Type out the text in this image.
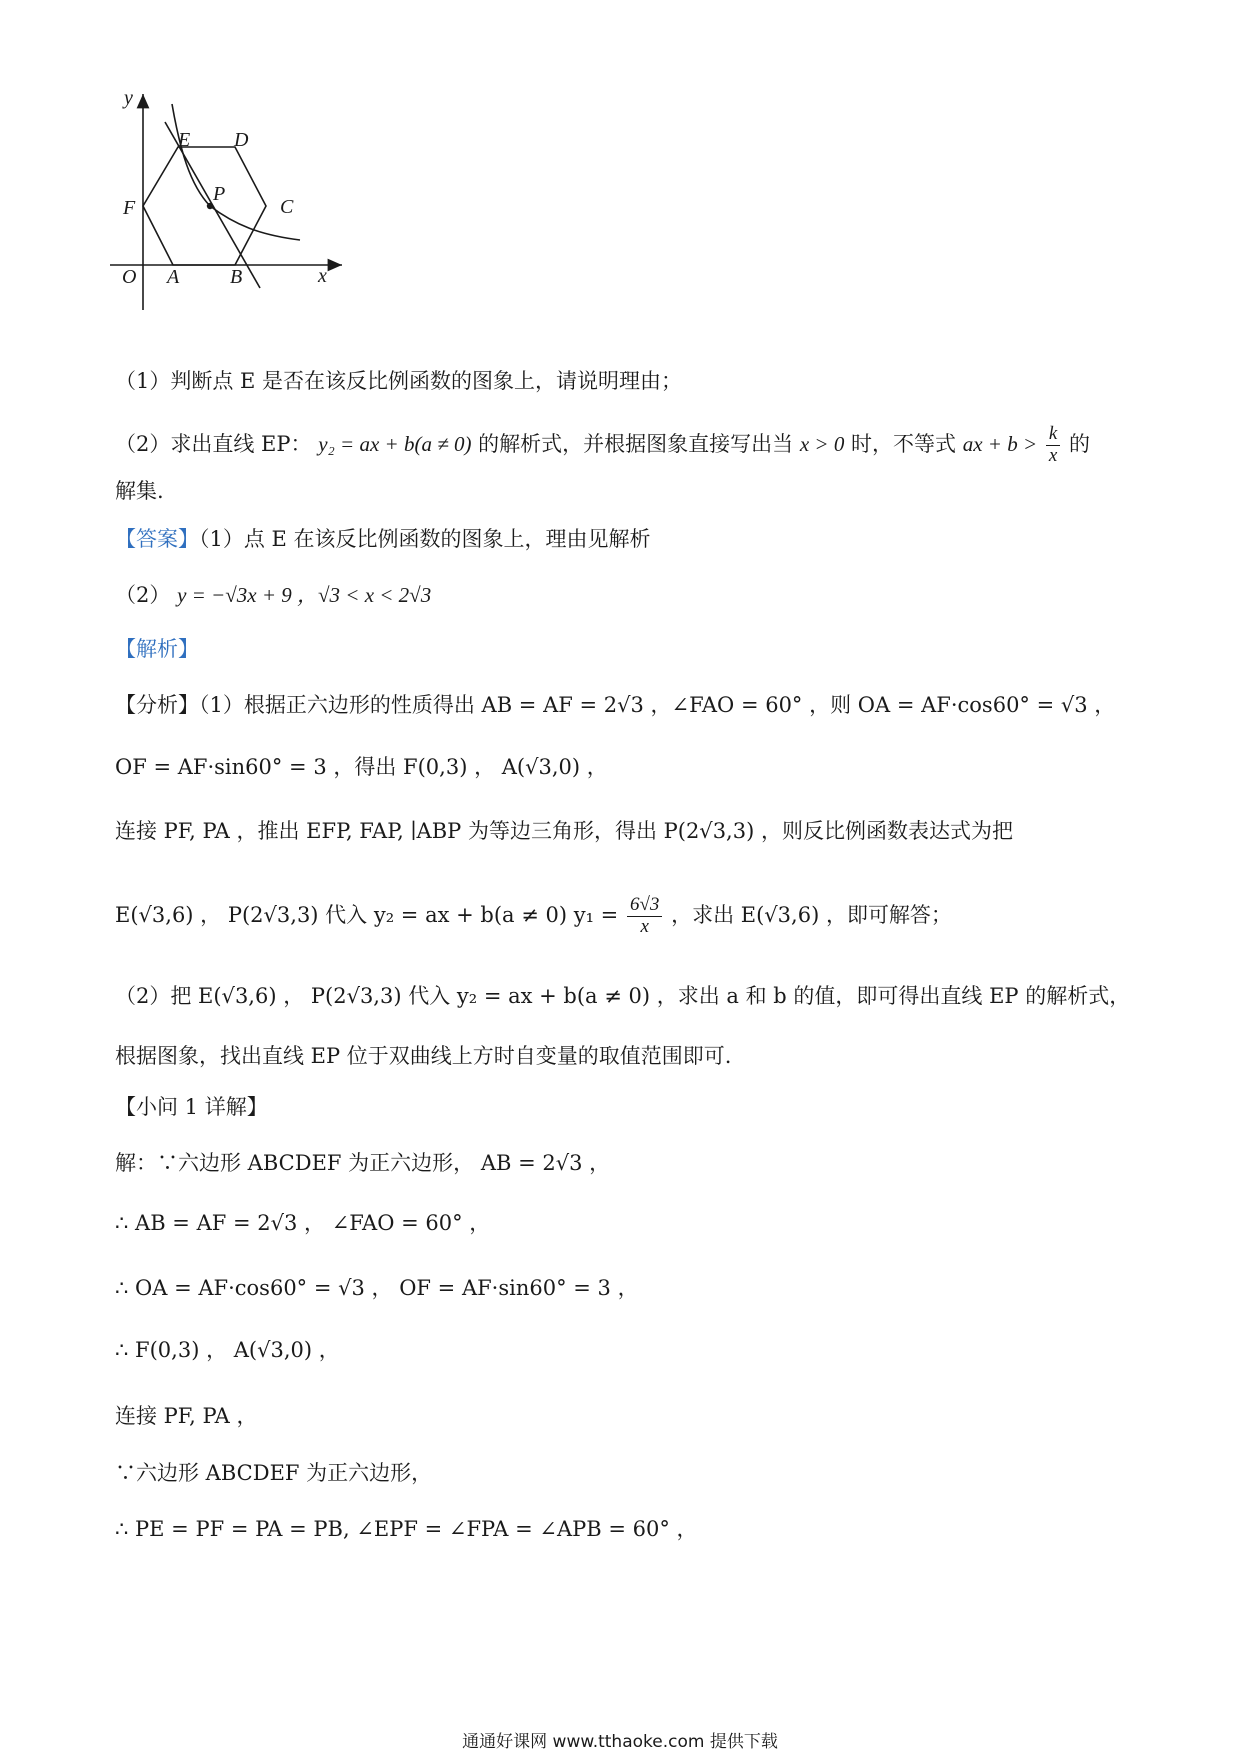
y
x
O A	B
C
D
E
F
P
（1）判断点 E 是否在该反比例函数的图象上，请说明理由；
（2）求出直线 EP： y₂ = ax + b(a ≠ 0) 的解析式，并根据图象直接写出当 x > 0 时，不等式 ax + $b > \frac{k}{x}$ 的
解集.
【答案】（1）点 E 在该反比例函数的图象上，理由见解析
（2） y = −√3x + 9 ，√3 < x < 2√3
【解析】
【分析】（1）根据正六边形的性质得出 AB = AF = 2√3 ，∠FAO = 60° ，则 OA = AF·cos60° = √3 ，
OF = AF·sin60° = 3 ，得出 F(0,3) ， A(√3,0) ，
连接 PF, PA ，推出 EFP, FAP, ∣ABP 为等边三角形，得出 P(2√3,3) ，则反比例函数表达式为把
E(√3,6) ， P(2√3,3) 代入 y₂ = ax + b(a ≠ 0) $y_1 = \frac{6√3}{x}$ ，求出 E(√3,6) ，即可解答；
（2）把 E(√3,6) ， P(2√3,3) 代入 y₂ = ax + b(a ≠ 0) ，求出 a 和 b 的值，即可得出直线 EP 的解析式，
根据图象，找出直线 EP 位于双曲线上方时自变量的取值范围即可.
【小问 1 详解】
解：∵六边形 ABCDEF 为正六边形， AB = 2√3 ，
∴ AB = AF = 2√3 ， ∠FAO = 60° ，
∴ OA = AF·cos60° = √3 ， OF = AF·sin60° = 3 ，
∴ F(0,3) ， A(√3,0) ，
连接 PF, PA ，
∵六边形 ABCDEF 为正六边形，
∴ PE = PF = PA = PB, ∠EPF = ∠FPA = ∠APB = 60° ，
通通好课网 www.tthaoke.com 提供下载
